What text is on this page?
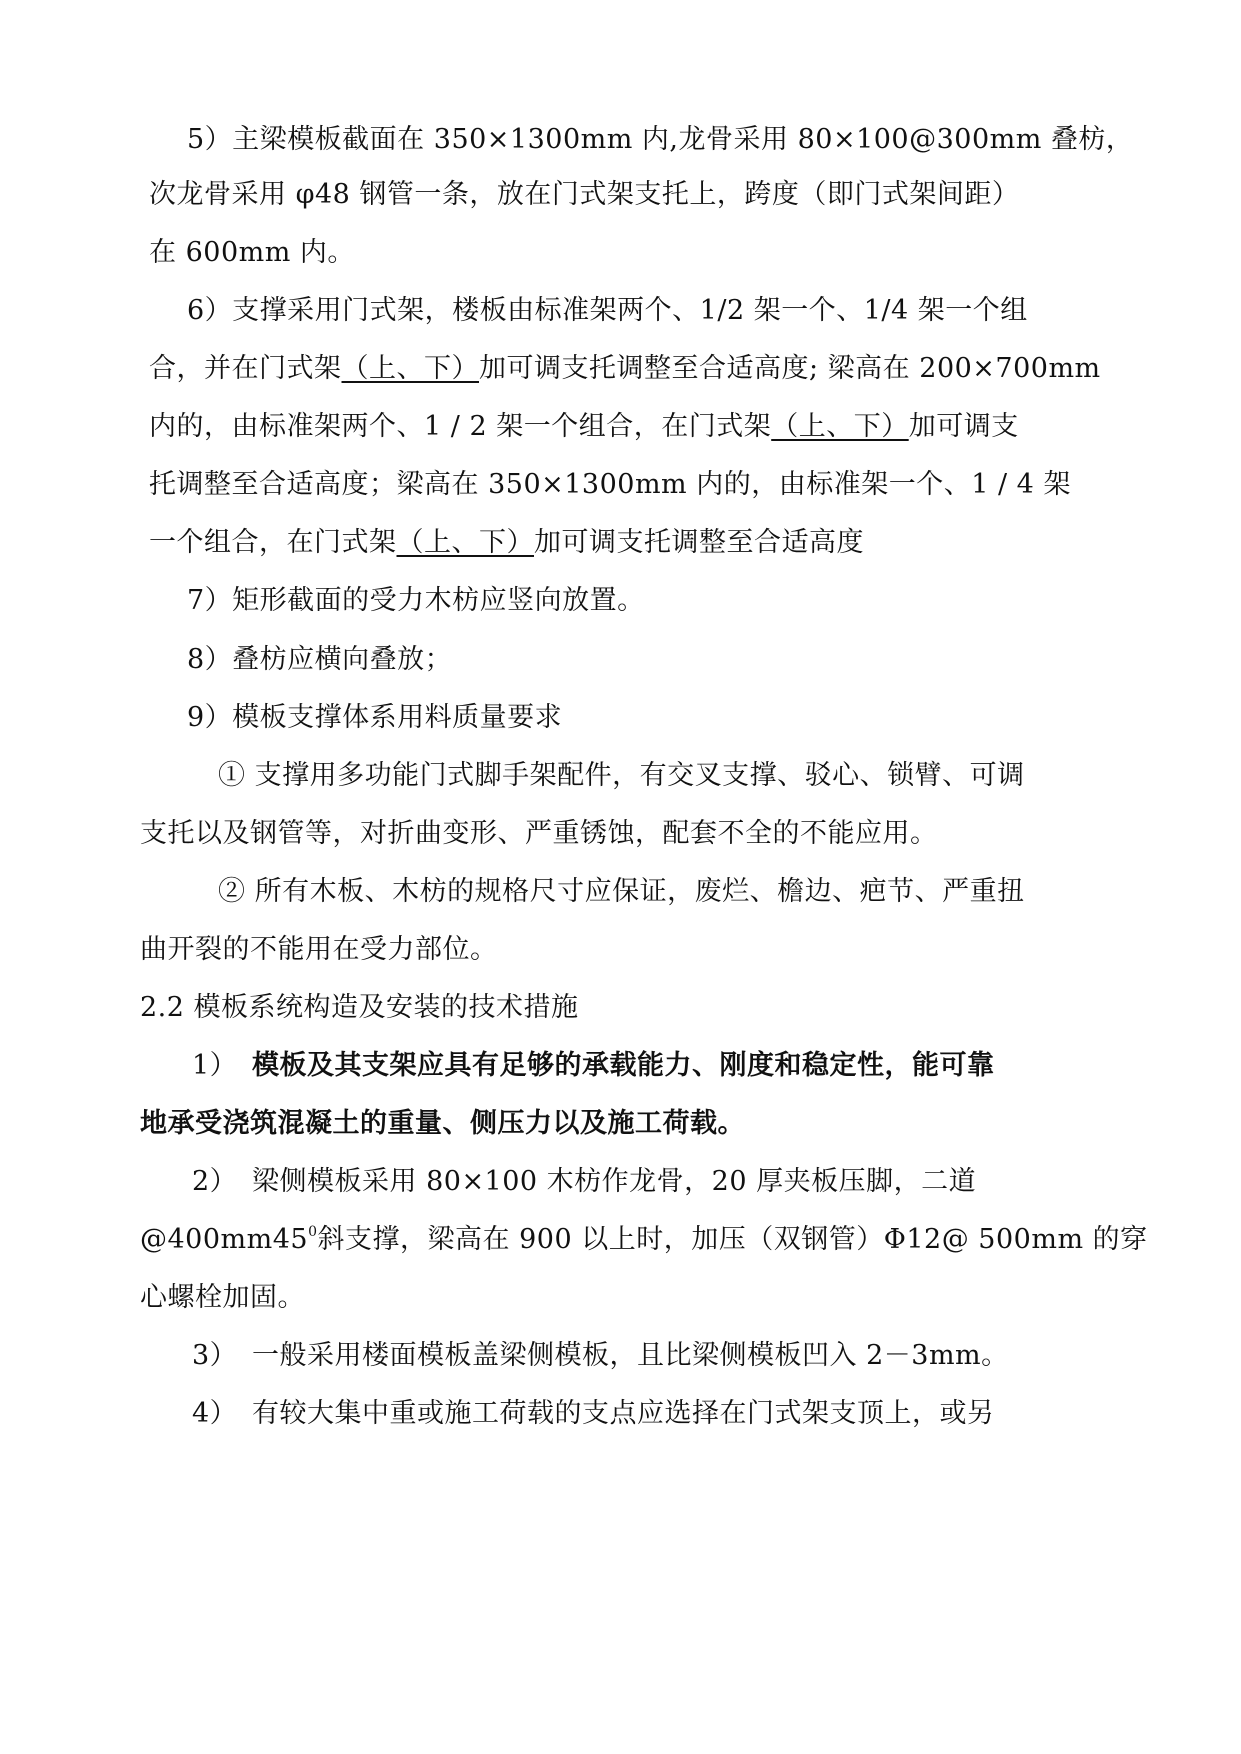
5）主梁模板截面在 350×1300mm 内,龙骨采用 80×100@300mm 叠枋，
次龙骨采用 φ48 钢管一条，放在门式架支托上，跨度（即门式架间距）
在 600mm 内。
6）支撑采用门式架，楼板由标准架两个、1/2 架一个、1/4 架一个组
合，并在门式架（上、下）加可调支托调整至合适高度; 梁高在 200×700mm
内的，由标准架两个、1 / 2 架一个组合，在门式架（上、下）加可调支
托调整至合适高度；梁高在 350×1300mm 内的，由标准架一个、1 / 4 架
一个组合，在门式架（上、下）加可调支托调整至合适高度
7）矩形截面的受力木枋应竖向放置。
8）叠枋应横向叠放；
9）模板支撑体系用料质量要求
① 支撑用多功能门式脚手架配件，有交叉支撑、驳心、锁臂、可调
支托以及钢管等，对折曲变形、严重锈蚀，配套不全的不能应用。
② 所有木板、木枋的规格尺寸应保证，废烂、檐边、疤节、严重扭
曲开裂的不能用在受力部位。
2.2 模板系统构造及安装的技术措施
1） 模板及其支架应具有足够的承载能力、刚度和稳定性，能可靠
地承受浇筑混凝土的重量、侧压力以及施工荷载。
2） 梁侧模板采用 80×100 木枋作龙骨，20 厚夹板压脚，二道
$@400mm45^0$斜支撑，梁高在 900 以上时，加压（双钢管）Φ12@ 500mm 的穿
心螺栓加固。
3） 一般采用楼面模板盖梁侧模板，且比梁侧模板凹入 2－3mm。
4） 有较大集中重或施工荷载的支点应选择在门式架支顶上，或另
